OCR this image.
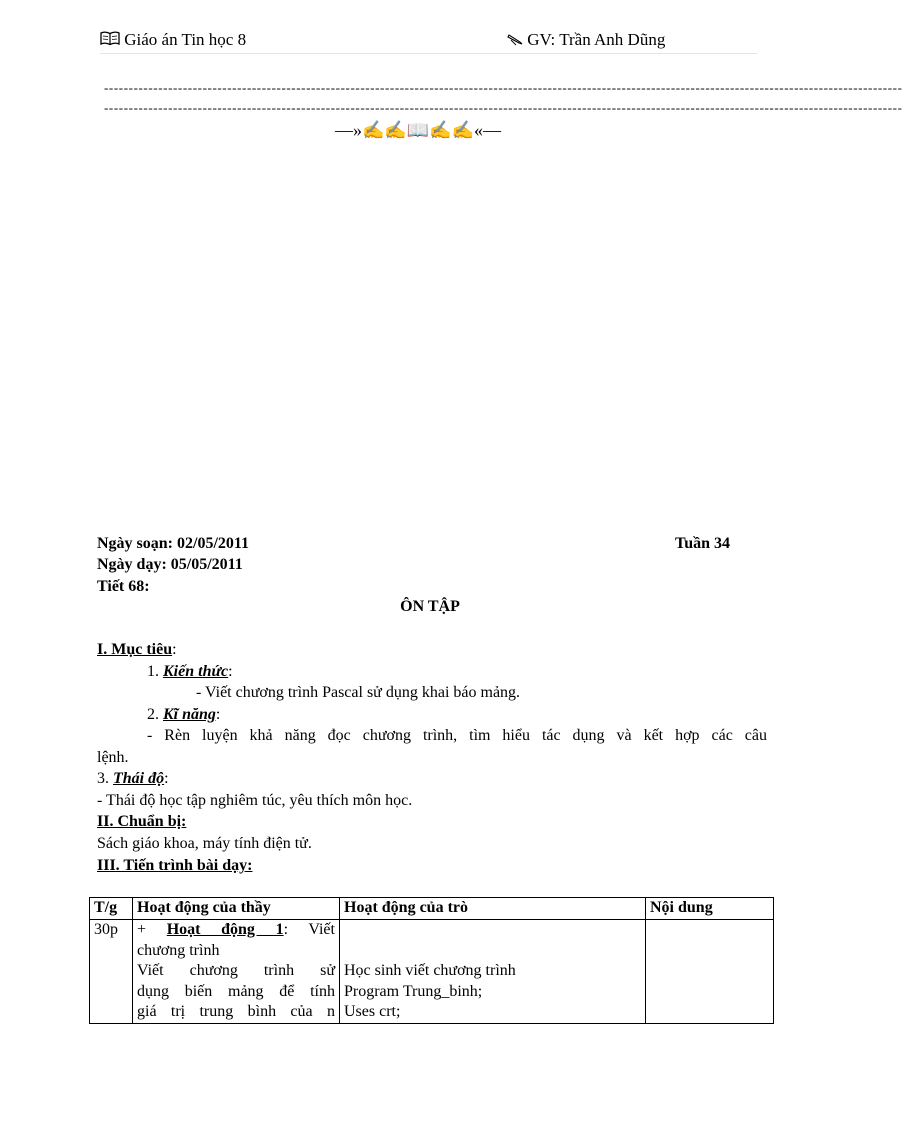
Giáo án Tin học 8	GV: Trần Anh Dũng
------------------------------------------------------------------------------------------------------------------------------------------------------------------
------------------------------------------------------------------------------------------------------------------------------------------------------------------
—»✍✍📖✍✍«—
Ngày soạn: 02/05/2011	Tuần 34
Ngày dạy: 05/05/2011
Tiết 68:
ÔN TẬP
I. Mục tiêu:
1. Kiến thức:
- Viết chương trình Pascal sử dụng khai báo mảng.
2. Kĩ năng:
- Rèn luyện khả năng đọc chương trình, tìm hiểu tác dụng và kết hợp các câu
lệnh.
3. Thái độ:
- Thái độ học tập nghiêm túc, yêu thích môn học.
II. Chuẩn bị:
Sách giáo khoa, máy tính điện tử.
III. Tiến trình bài dạy:
T/g	Hoạt động của thầy	Hoạt động của trò	Nội dung
30p	+ Hoạt động 1: Viết
chương trình
Viết chương trình sử
dụng biến mảng để tính
giá trị trung bình của n	Học sinh viết chương trình
Program Trung_binh;
Uses crt;	
